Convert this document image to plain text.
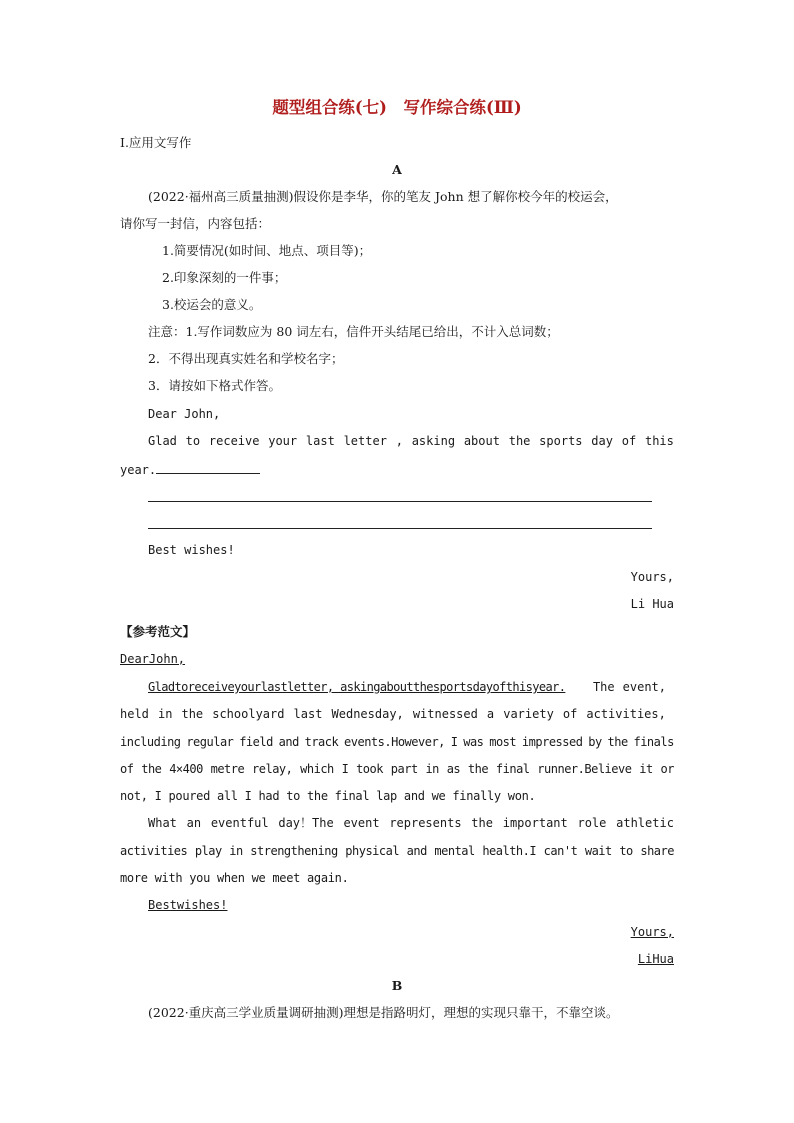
题型组合练(七)　写作综合练(Ⅲ)
Ⅰ.应用文写作
A
(2022·福州高三质量抽测)假设你是李华，你的笔友 John 想了解你校今年的校运会，
请你写一封信，内容包括：
1.简要情况(如时间、地点、项目等)；
2.印象深刻的一件事；
3.校运会的意义。
注意：1.写作词数应为 80 词左右，信件开头结尾已给出，不计入总词数；
2．不得出现真实姓名和学校名字；
3．请按如下格式作答。
Dear John,
Glad to receive your last letter , asking about the sports day of this
year.
Best wishes!
Yours,
Li Hua
【参考范文】
DearJohn,
Gladtoreceiveyourlastletter, askingaboutthesportsdayofthisyear. The event,
held in the schoolyard last Wednesday, witnessed a variety of activities,
including regular field and track events.However, I was most impressed by the finals
of the 4×400 metre relay, which I took part in as the final runner.Believe it or
not, I poured all I had to the final lap and we finally won.
What an eventful day！The event represents the important role athletic
activities play in strengthening physical and mental health.I can't wait to share
more with you when we meet again.
Bestwishes!
Yours,
LiHua
B
(2022·重庆高三学业质量调研抽测)理想是指路明灯，理想的实现只靠干，不靠空谈。
